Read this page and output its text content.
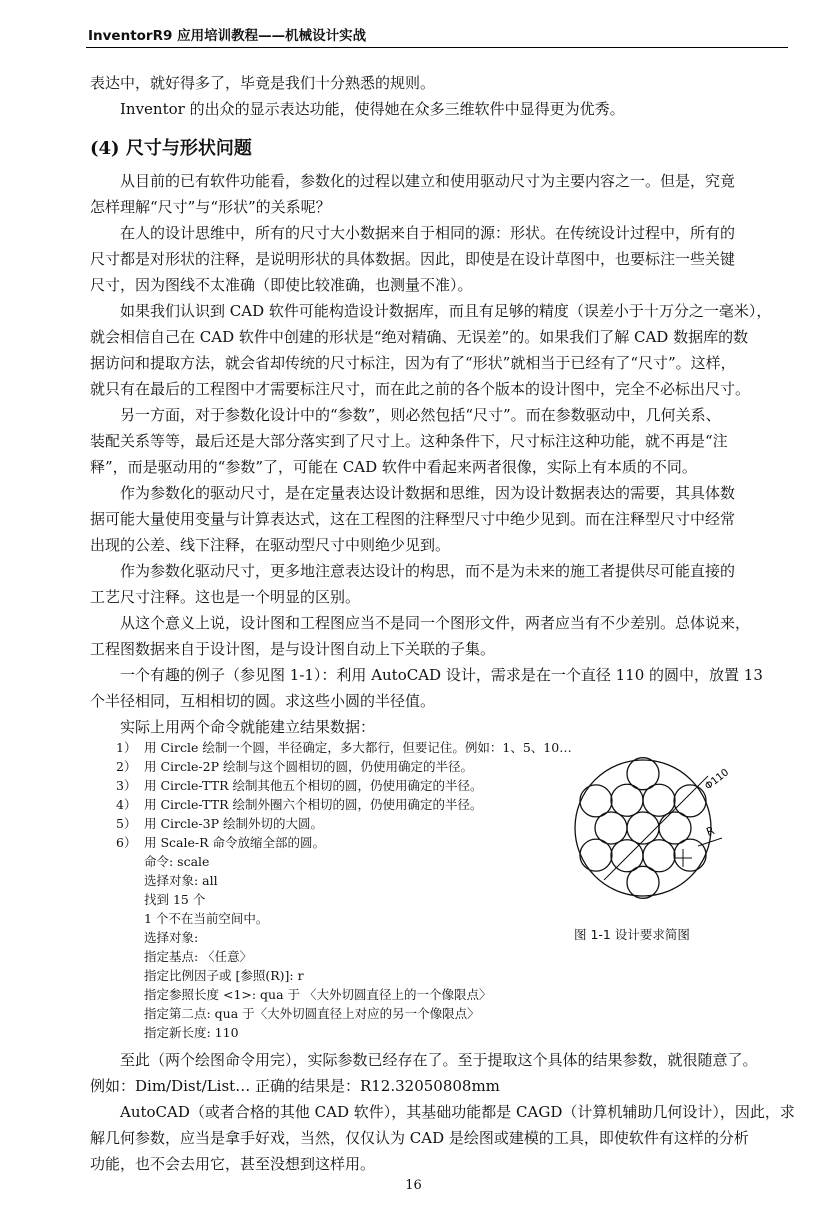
InventorR9 应用培训教程——机械设计实战
表达中，就好得多了，毕竟是我们十分熟悉的规则。
Inventor 的出众的显示表达功能，使得她在众多三维软件中显得更为优秀。
(4) 尺寸与形状问题
从目前的已有软件功能看，参数化的过程以建立和使用驱动尺寸为主要内容之一。但是，究竟
怎样理解“尺寸”与“形状”的关系呢？
在人的设计思维中，所有的尺寸大小数据来自于相同的源：形状。在传统设计过程中，所有的
尺寸都是对形状的注释，是说明形状的具体数据。因此，即使是在设计草图中，也要标注一些关键
尺寸，因为图线不太准确（即使比较准确，也测量不准）。
如果我们认识到 CAD 软件可能构造设计数据库，而且有足够的精度（误差小于十万分之一毫米），
就会相信自己在 CAD 软件中创建的形状是“绝对精确、无误差”的。如果我们了解 CAD 数据库的数
据访问和提取方法，就会省却传统的尺寸标注，因为有了“形状”就相当于已经有了“尺寸”。这样，
就只有在最后的工程图中才需要标注尺寸，而在此之前的各个版本的设计图中，完全不必标出尺寸。
另一方面，对于参数化设计中的“参数”，则必然包括“尺寸”。而在参数驱动中，几何关系、
装配关系等等，最后还是大部分落实到了尺寸上。这种条件下，尺寸标注这种功能，就不再是“注
释”，而是驱动用的“参数”了，可能在 CAD 软件中看起来两者很像，实际上有本质的不同。
作为参数化的驱动尺寸，是在定量表达设计数据和思维，因为设计数据表达的需要，其具体数
据可能大量使用变量与计算表达式，这在工程图的注释型尺寸中绝少见到。而在注释型尺寸中经常
出现的公差、线下注释，在驱动型尺寸中则绝少见到。
作为参数化驱动尺寸，更多地注意表达设计的构思，而不是为未来的施工者提供尽可能直接的
工艺尺寸注释。这也是一个明显的区别。
从这个意义上说，设计图和工程图应当不是同一个图形文件，两者应当有不少差别。总体说来，
工程图数据来自于设计图，是与设计图自动上下关联的子集。
一个有趣的例子（参见图 1-1）：利用 AutoCAD 设计，需求是在一个直径 110 的圆中，放置 13
个半径相同，互相相切的圆。求这些小圆的半径值。
实际上用两个命令就能建立结果数据：
1） 用 Circle 绘制一个圆，半径确定，多大都行，但要记住。例如：1、5、10…
2） 用 Circle-2P 绘制与这个圆相切的圆，仍使用确定的半径。
3） 用 Circle-TTR 绘制其他五个相切的圆，仍使用确定的半径。
4） 用 Circle-TTR 绘制外圈六个相切的圆，仍使用确定的半径。
5） 用 Circle-3P 绘制外切的大圆。
6） 用 Scale-R 命令放缩全部的圆。
命令: scale
选择对象: all
找到 15 个
1 个不在当前空间中。
选择对象:
指定基点: 〈任意〉
指定比例因子或 [参照(R)]: r
指定参照长度 <1>: qua 于 〈大外切圆直径上的一个像限点〉
指定第二点: qua 于〈大外切圆直径上对应的另一个像限点〉
指定新长度: 110
Φ110
R
图 1-1 设计要求简图
至此（两个绘图命令用完），实际参数已经存在了。至于提取这个具体的结果参数，就很随意了。
例如：Dim/Dist/List… 正确的结果是：R12.32050808mm
AutoCAD（或者合格的其他 CAD 软件），其基础功能都是 CAGD（计算机辅助几何设计），因此，求
解几何参数，应当是拿手好戏，当然，仅仅认为 CAD 是绘图或建模的工具，即使软件有这样的分析
功能，也不会去用它，甚至没想到这样用。
16
